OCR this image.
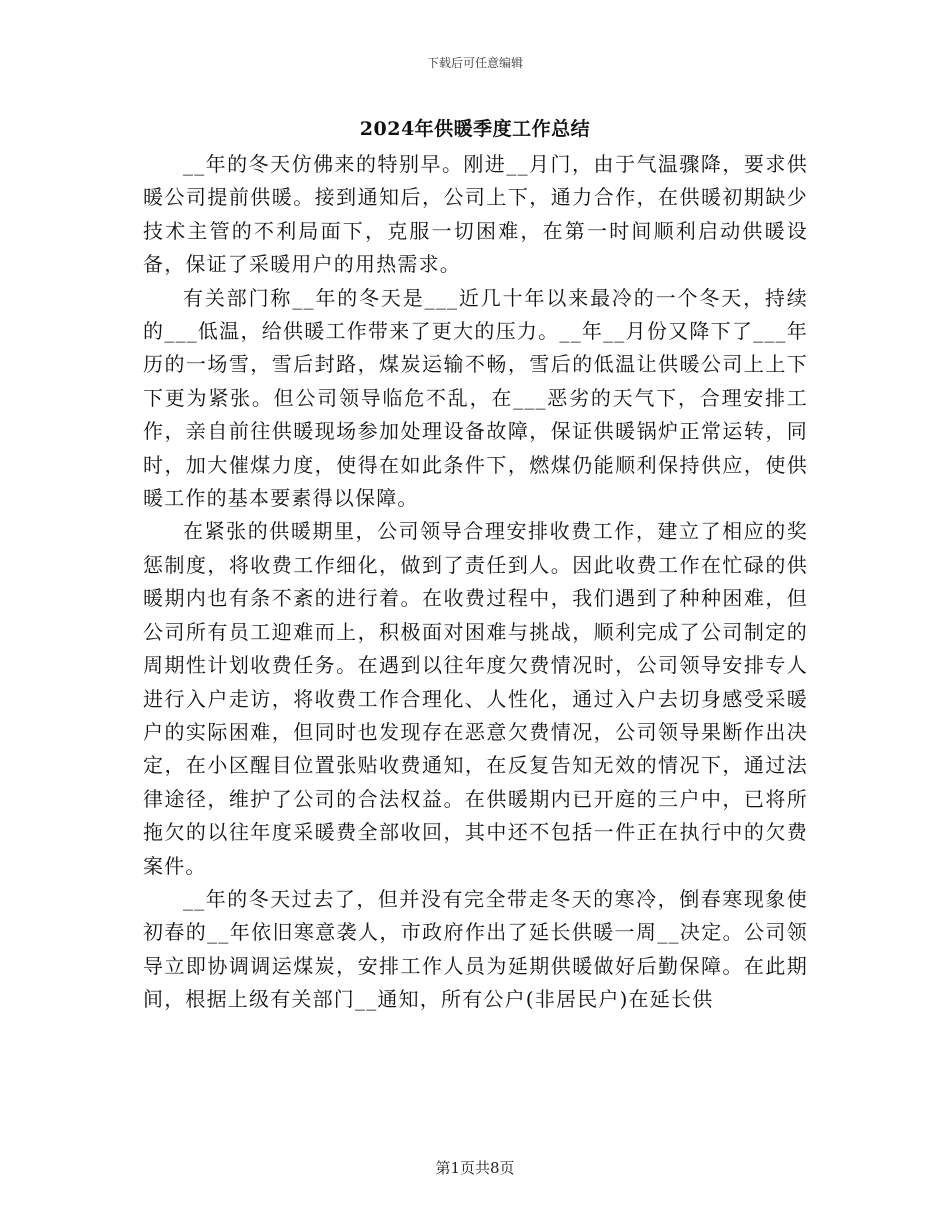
下载后可任意编辑
2024年供暖季度工作总结

__年的冬天仿佛来的特别早。刚进__月门，由于气温骤降，要求供暖公司提前供暖。接到通知后，公司上下，通力合作，在供暖初期缺少技术主管的不利局面下，克服一切困难，在第一时间顺利启动供暖设备，保证了采暖用户的用热需求。

有关部门称__年的冬天是___近几十年以来最冷的一个冬天，持续的___低温，给供暖工作带来了更大的压力。__年__月份又降下了___年历的一场雪，雪后封路，煤炭运输不畅，雪后的低温让供暖公司上上下下更为紧张。但公司领导临危不乱，在___恶劣的天气下，合理安排工作，亲自前往供暖现场参加处理设备故障，保证供暖锅炉正常运转，同时，加大催煤力度，使得在如此条件下，燃煤仍能顺利保持供应，使供暖工作的基本要素得以保障。

在紧张的供暖期里，公司领导合理安排收费工作，建立了相应的奖惩制度，将收费工作细化，做到了责任到人。因此收费工作在忙碌的供暖期内也有条不紊的进行着。在收费过程中，我们遇到了种种困难，但公司所有员工迎难而上，积极面对困难与挑战，顺利完成了公司制定的周期性计划收费任务。在遇到以往年度欠费情况时，公司领导安排专人进行入户走访，将收费工作合理化、人性化，通过入户去切身感受采暖户的实际困难，但同时也发现存在恶意欠费情况，公司领导果断作出决定，在小区醒目位置张贴收费通知，在反复告知无效的情况下，通过法律途径，维护了公司的合法权益。在供暖期内已开庭的三户中，已将所拖欠的以往年度采暖费全部收回，其中还不包括一件正在执行中的欠费案件。

__年的冬天过去了，但并没有完全带走冬天的寒冷，倒春寒现象使初春的__年依旧寒意袭人，市政府作出了延长供暖一周__决定。公司领导立即协调调运煤炭，安排工作人员为延期供暖做好后勤保障。在此期间，根据上级有关部门__通知，所有公户(非居民户)在延长供

第1页共8页
